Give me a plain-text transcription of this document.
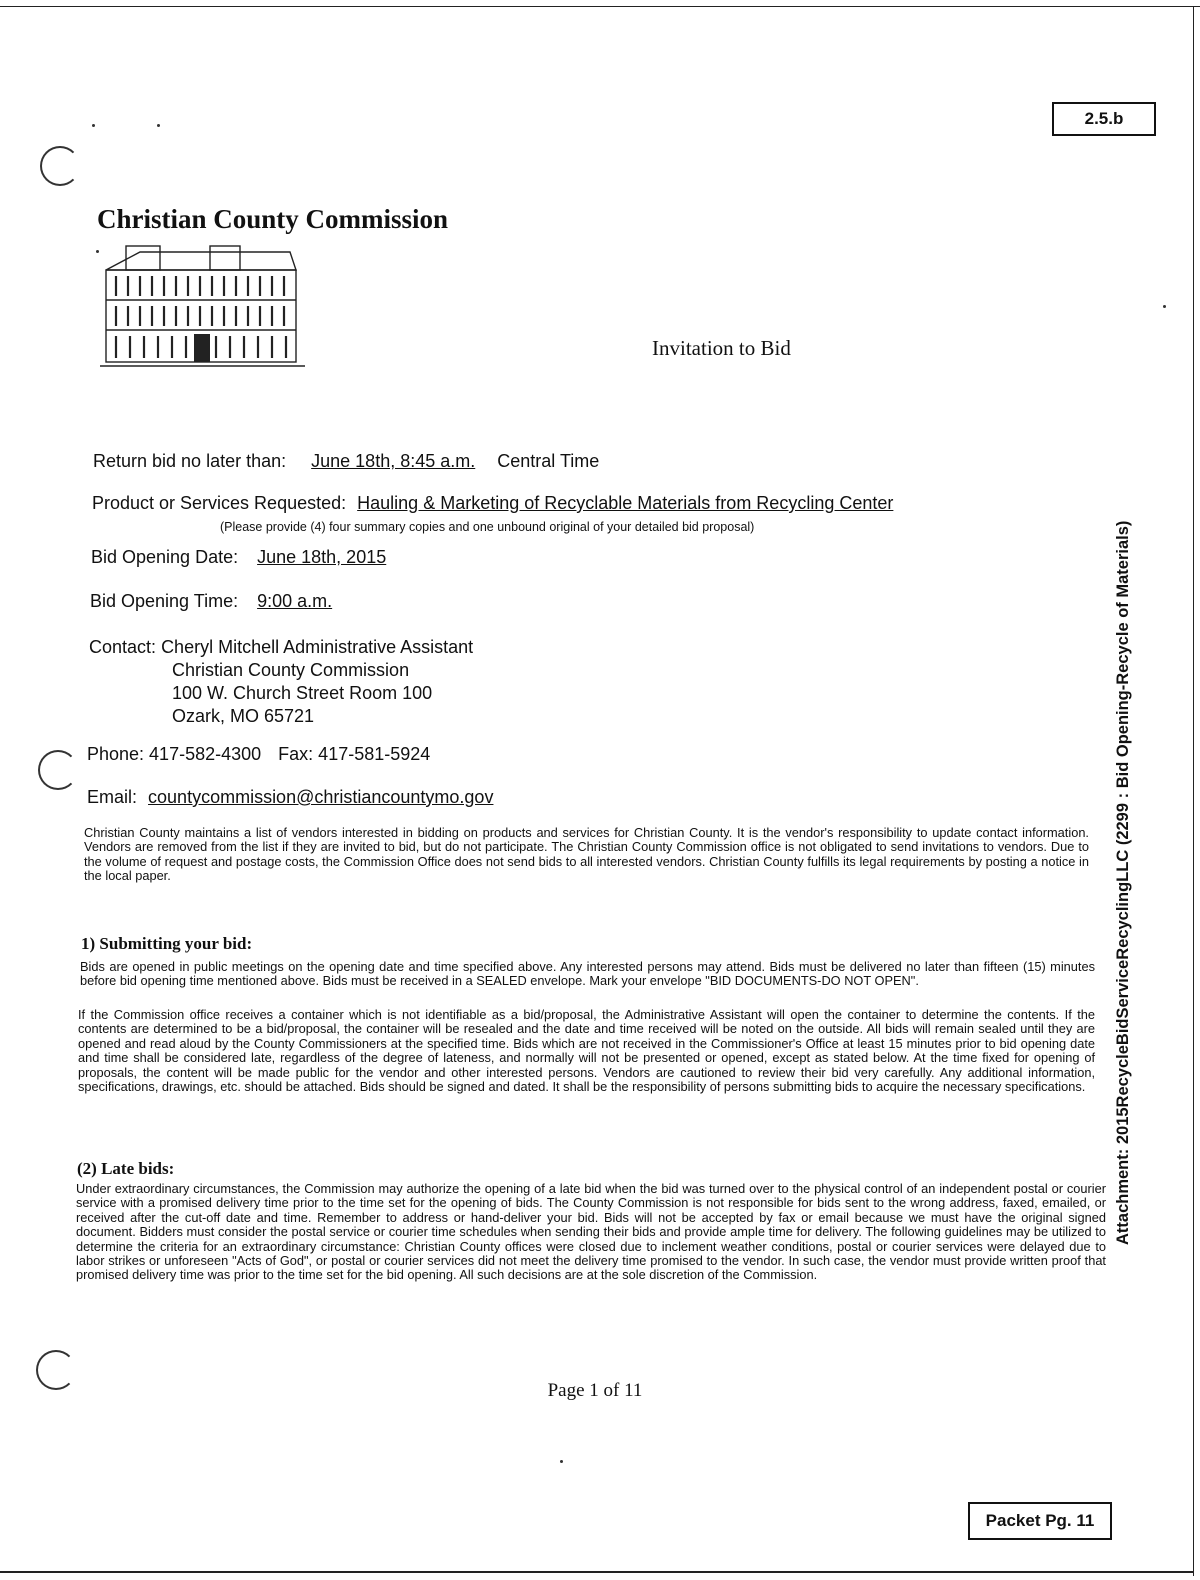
2.5.b
Christian County Commission
Invitation to Bid
Return bid no later than: June 18th, 8:45 a.m. Central Time
Product or Services Requested: Hauling & Marketing of Recyclable Materials from Recycling Center
(Please provide (4) four summary copies and one unbound original of your detailed bid proposal)
Bid Opening Date: June 18th, 2015
Bid Opening Time: 9:00 a.m.
Contact: Cheryl Mitchell Administrative Assistant
Christian County Commission
100 W. Church Street Room 100
Ozark, MO 65721
Phone: 417-582-4300 Fax: 417-581-5924
Email: countycommission@christiancountymo.gov
Christian County maintains a list of vendors interested in bidding on products and services for Christian County. It is the vendor's responsibility to update contact information. Vendors are removed from the list if they are invited to bid, but do not participate. The Christian County Commission office is not obligated to send invitations to vendors. Due to the volume of request and postage costs, the Commission Office does not send bids to all interested vendors. Christian County fulfills its legal requirements by posting a notice in the local paper.
1) Submitting your bid:
Bids are opened in public meetings on the opening date and time specified above. Any interested persons may attend. Bids must be delivered no later than fifteen (15) minutes before bid opening time mentioned above. Bids must be received in a SEALED envelope. Mark your envelope "BID DOCUMENTS-DO NOT OPEN".
If the Commission office receives a container which is not identifiable as a bid/proposal, the Administrative Assistant will open the container to determine the contents. If the contents are determined to be a bid/proposal, the container will be resealed and the date and time received will be noted on the outside. All bids will remain sealed until they are opened and read aloud by the County Commissioners at the specified time. Bids which are not received in the Commissioner's Office at least 15 minutes prior to bid opening date and time shall be considered late, regardless of the degree of lateness, and normally will not be presented or opened, except as stated below. At the time fixed for opening of proposals, the content will be made public for the vendor and other interested persons. Vendors are cautioned to review their bid very carefully. Any additional information, specifications, drawings, etc. should be attached. Bids should be signed and dated. It shall be the responsibility of persons submitting bids to acquire the necessary specifications.
(2) Late bids:
Under extraordinary circumstances, the Commission may authorize the opening of a late bid when the bid was turned over to the physical control of an independent postal or courier service with a promised delivery time prior to the time set for the opening of bids. The County Commission is not responsible for bids sent to the wrong address, faxed, emailed, or received after the cut-off date and time. Remember to address or hand-deliver your bid. Bids will not be accepted by fax or email because we must have the original signed document. Bidders must consider the postal service or courier time schedules when sending their bids and provide ample time for delivery. The following guidelines may be utilized to determine the criteria for an extraordinary circumstance: Christian County offices were closed due to inclement weather conditions, postal or courier services were delayed due to labor strikes or unforeseen "Acts of God", or postal or courier services did not meet the delivery time promised to the vendor. In such case, the vendor must provide written proof that promised delivery time was prior to the time set for the bid opening. All such decisions are at the sole discretion of the Commission.
Page 1 of 11
Packet Pg. 11
Attachment: 2015RecycleBidServiceRecyclingLLC (2299 : Bid Opening-Recycle of Materials)
